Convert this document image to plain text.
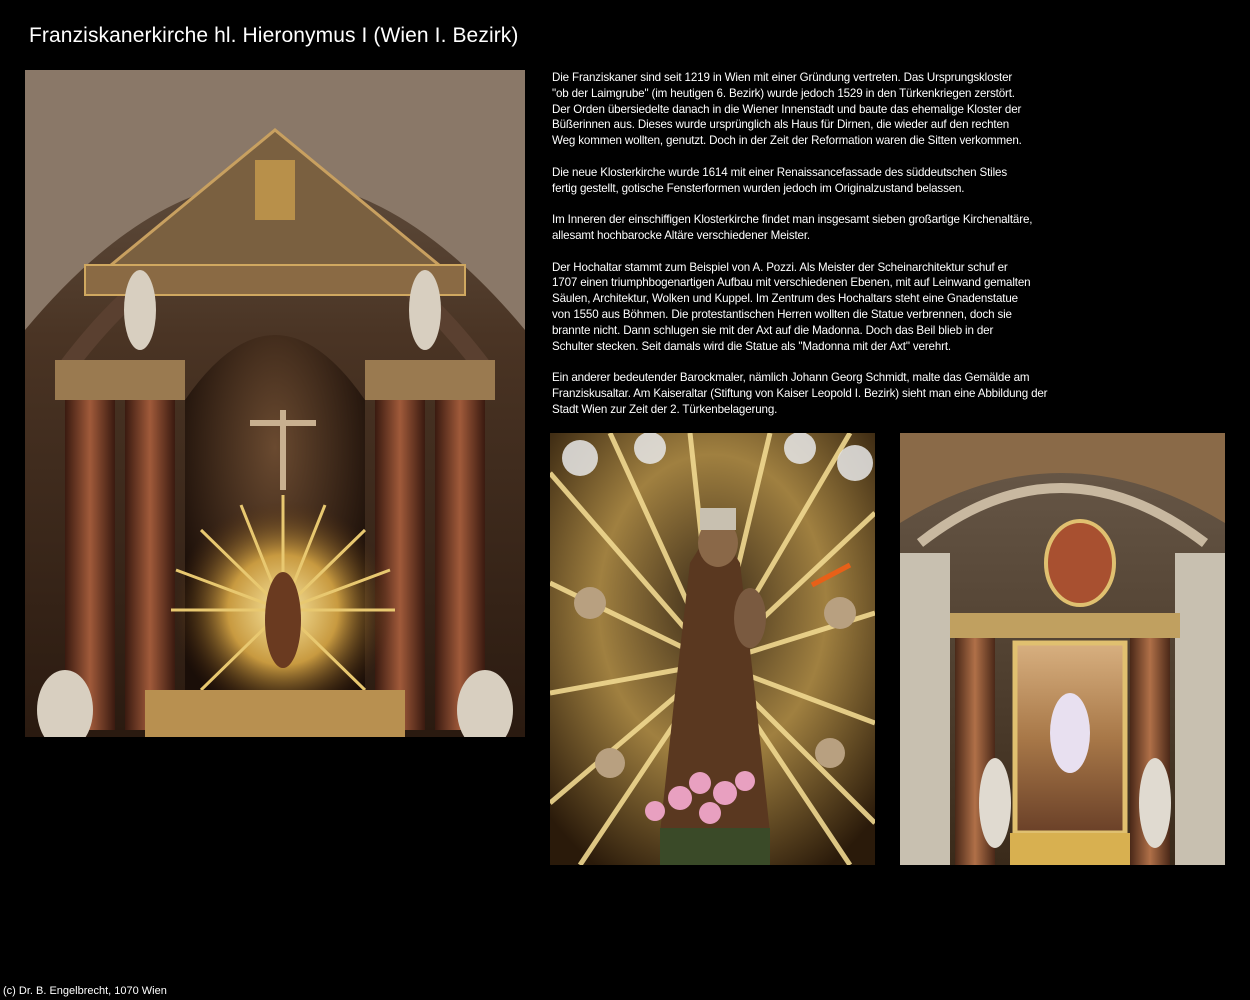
Franziskanerkirche hl. Hieronymus I (Wien I. Bezirk)

Die Franziskaner sind seit 1219 in Wien mit einer Gründung vertreten. Das Ursprungskloster
"ob der Laimgrube" (im heutigen 6. Bezirk) wurde jedoch 1529 in den Türkenkriegen zerstört.
Der Orden übersiedelte danach in die Wiener Innenstadt und baute das ehemalige Kloster der
Büßerinnen aus. Dieses wurde ursprünglich als Haus für Dirnen, die wieder auf den rechten
Weg kommen wollten, genutzt. Doch in der Zeit der Reformation waren die Sitten verkommen.

Die neue Klosterkirche wurde 1614 mit einer Renaissancefassade des süddeutschen Stiles
fertig gestellt, gotische Fensterformen wurden jedoch im Originalzustand belassen.

Im Inneren der einschiffigen Klosterkirche findet man insgesamt sieben großartige Kirchenaltäre,
allesamt hochbarocke Altäre verschiedener Meister.

Der Hochaltar stammt zum Beispiel von A. Pozzi. Als Meister der Scheinarchitektur schuf er
1707 einen triumphbogenartigen Aufbau mit verschiedenen Ebenen, mit auf Leinwand gemalten
Säulen, Architektur, Wolken und Kuppel. Im Zentrum des Hochaltars steht eine Gnadenstatue
von 1550 aus Böhmen. Die protestantischen Herren wollten die Statue verbrennen, doch sie
brannte nicht. Dann schlugen sie mit der Axt auf die Madonna. Doch das Beil blieb in der
Schulter stecken. Seit damals wird die Statue als "Madonna mit der Axt" verehrt.

Ein anderer bedeutender Barockmaler, nämlich Johann Georg Schmidt, malte das Gemälde am
Franziskusaltar. Am Kaiseraltar (Stiftung von Kaiser Leopold I. Bezirk) sieht man eine Abbildung der
Stadt Wien zur Zeit der 2. Türkenbelagerung.

(c) Dr. B. Engelbrecht, 1070 Wien
